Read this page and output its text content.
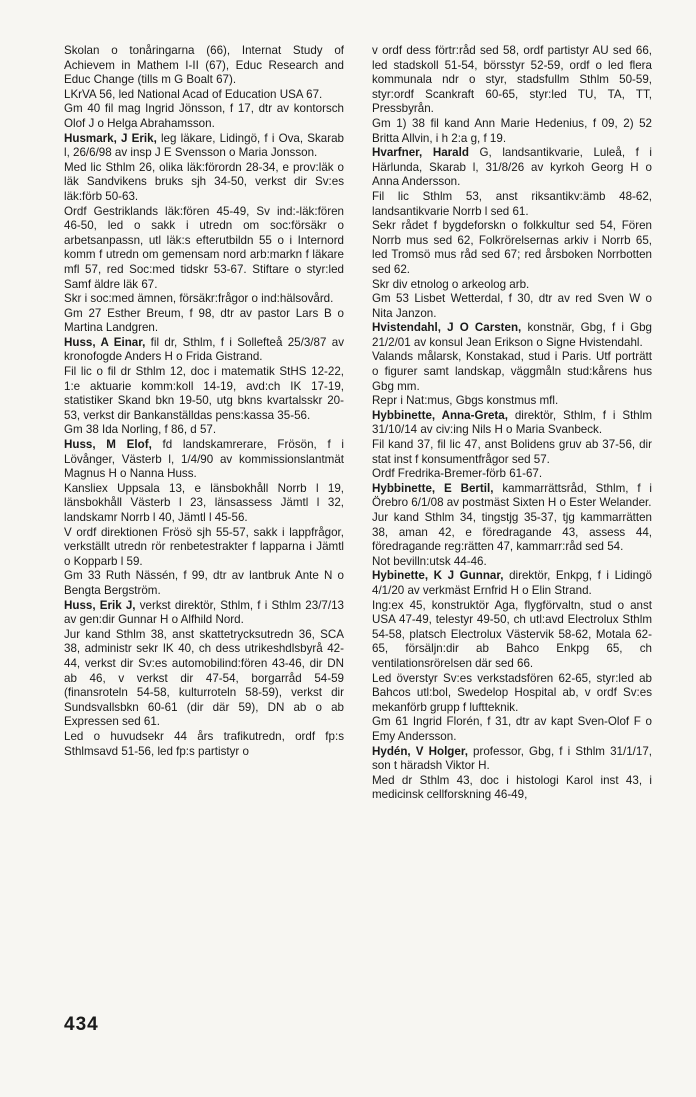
Skolan o tonåringarna (66), Internat Study of Achievem in Mathem I-II (67), Educ Research and Educ Change (tills m G Boalt 67).

LKrVA 56, led National Acad of Education USA 67.

Gm 40 fil mag Ingrid Jönsson, f 17, dtr av kontorsch Olof J o Helga Abrahamsson.

Husmark, J Erik, leg läkare, Lidingö, f i Ova, Skarab l, 26/6/98 av insp J E Svensson o Maria Jonsson.

Med lic Sthlm 26, olika läk:förordn 28-34, e prov:läk o läk Sandvikens bruks sjh 34-50, verkst dir Sv:es läk:förb 50-63.

Ordf Gestriklands läk:fören 45-49, Sv ind:-läk:fören 46-50, led o sakk i utredn om soc:försäkr o arbetsanpassn, utl läk:s efterutbildn 55 o i Internord komm f utredn om gemensam nord arb:markn f läkare mfl 57, red Soc:med tidskr 53-67. Stiftare o styr:led Samf äldre läk 67.

Skr i soc:med ämnen, försäkr:frågor o ind:hälsovård.

Gm 27 Esther Breum, f 98, dtr av pastor Lars B o Martina Landgren.

Huss, A Einar, fil dr, Sthlm, f i Sollefteå 25/3/87 av kronofogde Anders H o Frida Gistrand.

Fil lic o fil dr Sthlm 12, doc i matematik StHS 12-22, 1:e aktuarie komm:koll 14-19, avd:ch IK 17-19, statistiker Skand bkn 19-50, utg bkns kvartalsskr 20-53, verkst dir Bankanställdas pens:kassa 35-56.

Gm 38 Ida Norling, f 86, d 57.

Huss, M Elof, fd landskamrerare, Frösön, f i Lövånger, Västerb l, 1/4/90 av kommissionslantmät Magnus H o Nanna Huss.

Kansliex Uppsala 13, e länsbokhåll Norrb l 19, länsbokhåll Västerb l 23, länsassess Jämtl l 32, landskamr Norrb l 40, Jämtl l 45-56.

V ordf direktionen Frösö sjh 55-57, sakk i lappfrågor, verkställt utredn rör renbetestrakter f lapparna i Jämtl o Kopparb l 59.

Gm 33 Ruth Nässén, f 99, dtr av lantbruk Ante N o Bengta Bergström.

Huss, Erik J, verkst direktör, Sthlm, f i Sthlm 23/7/13 av gen:dir Gunnar H o Alfhild Nord.

Jur kand Sthlm 38, anst skattetrycksutredn 36, SCA 38, administr sekr IK 40, ch dess utrikeshdlsbyrå 42-44, verkst dir Sv:es automobilind:fören 43-46, dir DN ab 46, v verkst dir 47-54, borgarråd 54-59 (finansroteln 54-58, kulturroteln 58-59), verkst dir Sundsvallsbkn 60-61 (dir där 59), DN ab o ab Expressen sed 61.

Led o huvudsekr 44 års trafikutredn, ordf fp:s Sthlmsavd 51-56, led fp:s partistyr o

v ordf dess förtr:råd sed 58, ordf partistyr AU sed 66, led stadskoll 51-54, börsstyr 52-59, ordf o led flera kommunala ndr o styr, stadsfullm Sthlm 50-59, styr:ordf Scankraft 60-65, styr:led TU, TA, TT, Pressbyrån.

Gm 1) 38 fil kand Ann Marie Hedenius, f 09, 2) 52 Britta Allvin, i h 2:a g, f 19.

Hvarfner, Harald G, landsantikvarie, Luleå, f i Härlunda, Skarab l, 31/8/26 av kyrkoh Georg H o Anna Andersson.

Fil lic Sthlm 53, anst riksantikv:ämb 48-62, landsantikvarie Norrb l sed 61.

Sekr rådet f bygdeforskn o folkkultur sed 54, Fören Norrb mus sed 62, Folkrörelsernas arkiv i Norrb 65, led Tromsö mus råd sed 67; red årsboken Norrbotten sed 62.

Skr div etnolog o arkeolog arb.

Gm 53 Lisbet Wetterdal, f 30, dtr av red Sven W o Nita Janzon.

Hvistendahl, J O Carsten, konstnär, Gbg, f i Gbg 21/2/01 av konsul Jean Erikson o Signe Hvistendahl.

Valands målarsk, Konstakad, stud i Paris. Utf porträtt o figurer samt landskap, väggmåln stud:kårens hus Gbg mm.

Repr i Nat:mus, Gbgs konstmus mfl.

Hybbinette, Anna-Greta, direktör, Sthlm, f i Sthlm 31/10/14 av civ:ing Nils H o Maria Svanbeck.

Fil kand 37, fil lic 47, anst Bolidens gruv ab 37-56, dir stat inst f konsumentfrågor sed 57.

Ordf Fredrika-Bremer-förb 61-67.

Hybbinette, E Bertil, kammarrättsråd, Sthlm, f i Örebro 6/1/08 av postmäst Sixten H o Ester Welander.

Jur kand Sthlm 34, tingstjg 35-37, tjg kammarrätten 38, aman 42, e föredragande 43, assess 44, föredragande reg:rätten 47, kammarr:råd sed 54.

Not bevilln:utsk 44-46.

Hybinette, K J Gunnar, direktör, Enkpg, f i Lidingö 4/1/20 av verkmäst Ernfrid H o Elin Strand.

Ing:ex 45, konstruktör Aga, flygförvaltn, stud o anst USA 47-49, telestyr 49-50, ch utl:avd Electrolux Sthlm 54-58, platsch Electrolux Västervik 58-62, Motala 62-65, försäljn:dir ab Bahco Enkpg 65, ch ventilationsrörelsen där sed 66.

Led överstyr Sv:es verkstadsfören 62-65, styr:led ab Bahcos utl:bol, Swedelop Hospital ab, v ordf Sv:es mekanförb grupp f luftteknik.

Gm 61 Ingrid Florén, f 31, dtr av kapt Sven-Olof F o Emy Andersson.

Hydén, V Holger, professor, Gbg, f i Sthlm 31/1/17, son t häradsh Viktor H.

Med dr Sthlm 43, doc i histologi Karol inst 43, i medicinsk cellforskning 46-49,

434
